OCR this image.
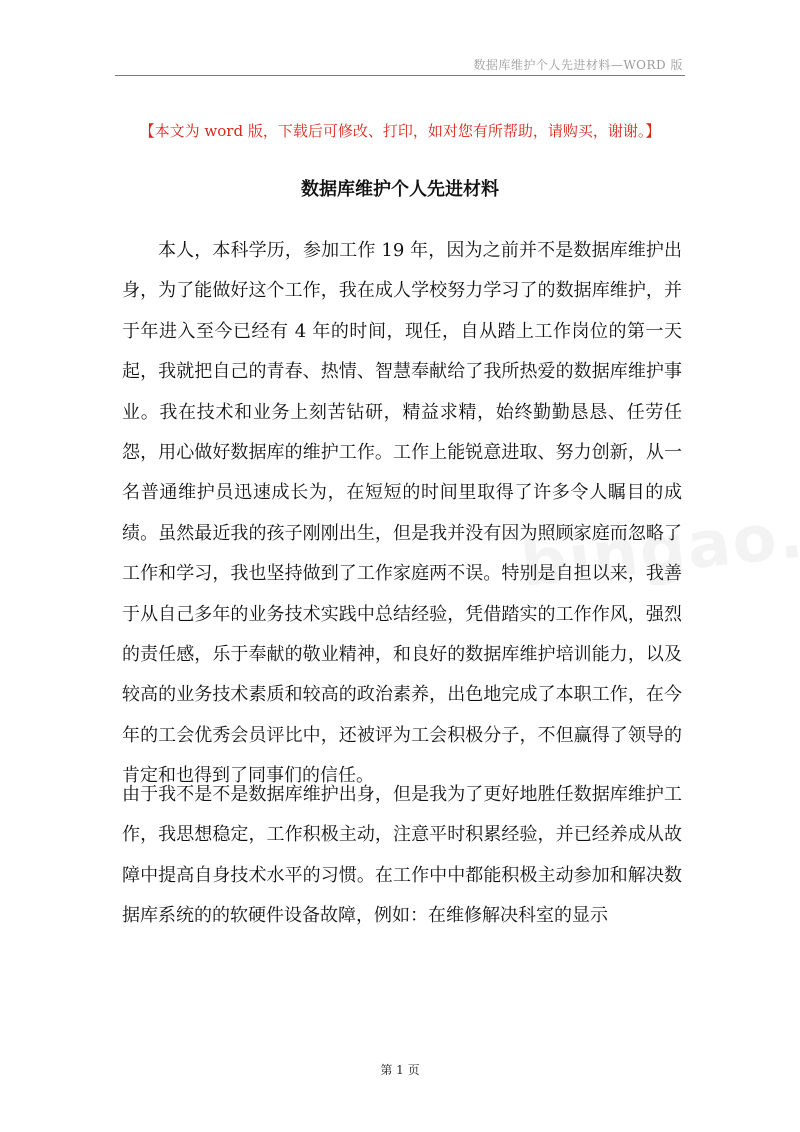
数据库维护个人先进材料—WORD 版
【本文为 word 版，下载后可修改、打印，如对您有所帮助，请购买，谢谢。】
数据库维护个人先进材料

本人，本科学历，参加工作 19 年，因为之前并不是数据库维护出身，为了能做好这个工作，我在成人学校努力学习了的数据库维护，并于年进入至今已经有 4 年的时间，现任，自从踏上工作岗位的第一天起，我就把自己的青春、热情、智慧奉献给了我所热爱的数据库维护事业。我在技术和业务上刻苦钻研，精益求精，始终勤勤恳恳、任劳任怨，用心做好数据库的维护工作。工作上能锐意进取、努力创新，从一名普通维护员迅速成长为，在短短的时间里取得了许多令人瞩目的成绩。虽然最近我的孩子刚刚出生，但是我并没有因为照顾家庭而忽略了工作和学习，我也坚持做到了工作家庭两不误。特别是自担以来，我善于从自己多年的业务技术实践中总结经验，凭借踏实的工作作风，强烈的责任感，乐于奉献的敬业精神，和良好的数据库维护培训能力，以及较高的业务技术素质和较高的政治素养，出色地完成了本职工作，在今年的工会优秀会员评比中，还被评为工会积极分子，不但赢得了领导的肯定和也得到了同事们的信任。

由于我不是不是数据库维护出身，但是我为了更好地胜任数据库维护工作，我思想稳定，工作积极主动，注意平时积累经验，并已经养成从故障中提高自身技术水平的习惯。在工作中中都能积极主动参加和解决数据库系统的的软硬件设备故障，例如：在维修解决科室的显示

第 1 页
